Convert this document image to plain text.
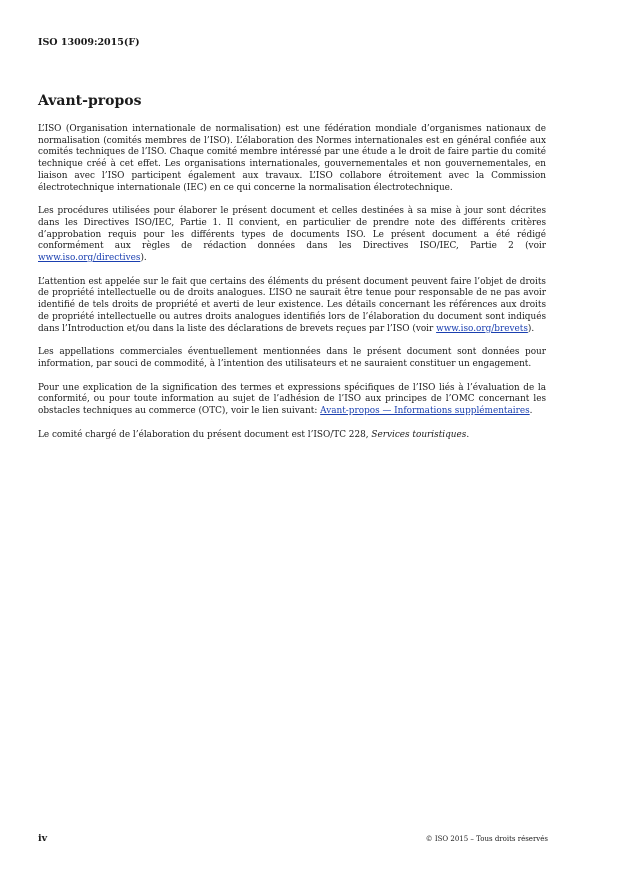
ISO 13009:2015(F)
Avant-propos

L’ISO (Organisation internationale de normalisation) est une fédération mondiale d’organismes nationaux de normalisation (comités membres de l’ISO). L’élaboration des Normes internationales est en général confiée aux comités techniques de l’ISO. Chaque comité membre intéressé par une étude a le droit de faire partie du comité technique créé à cet effet. Les organisations internationales, gouvernementales et non gouvernementales, en liaison avec l’ISO participent également aux travaux. L’ISO collabore étroitement avec la Commission électrotechnique internationale (IEC) en ce qui concerne la normalisation électrotechnique.

Les procédures utilisées pour élaborer le présent document et celles destinées à sa mise à jour sont décrites dans les Directives ISO/IEC, Partie 1. Il convient, en particulier de prendre note des différents critères d’approbation requis pour les différents types de documents ISO. Le présent document a été rédigé conformément aux règles de rédaction données dans les Directives ISO/IEC, Partie 2 (voir www.iso.org/directives).

L’attention est appelée sur le fait que certains des éléments du présent document peuvent faire l’objet de droits de propriété intellectuelle ou de droits analogues. L’ISO ne saurait être tenue pour responsable de ne pas avoir identifié de tels droits de propriété et averti de leur existence. Les détails concernant les références aux droits de propriété intellectuelle ou autres droits analogues identifiés lors de l’élaboration du document sont indiqués dans l’Introduction et/ou dans la liste des déclarations de brevets reçues par l’ISO (voir www.iso.org/brevets).

Les appellations commerciales éventuellement mentionnées dans le présent document sont données pour information, par souci de commodité, à l’intention des utilisateurs et ne sauraient constituer un engagement.

Pour une explication de la signification des termes et expressions spécifiques de l’ISO liés à l’évaluation de la conformité, ou pour toute information au sujet de l’adhésion de l’ISO aux principes de l’OMC concernant les obstacles techniques au commerce (OTC), voir le lien suivant: Avant-propos — Informations supplémentaires.

Le comité chargé de l’élaboration du présent document est l’ISO/TC 228, Services touristiques.

iv	© ISO 2015 – Tous droits réservés
